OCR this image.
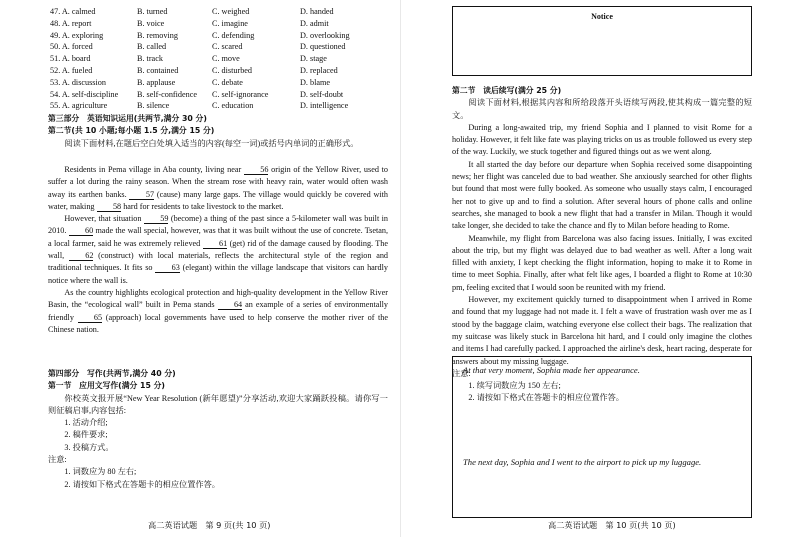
47. A. calmed	B. turned	C. weighed	D. handed
48. A. report	B. voice	C. imagine	D. admit
49. A. exploring	B. removing	C. defending	D. overlooking
50. A. forced	B. called	C. scared	D. questioned
51. A. board	B. track	C. move	D. stage
52. A. fueled	B. contained	C. disturbed	D. replaced
53. A. discussion	B. applause	C. debate	D. blame
54. A. self-discipline	B. self-confidence	C. self-ignorance	D. self-doubt
55. A. agriculture	B. silence	C. education	D. intelligence
第三部分　英语知识运用(共两节,满分 30 分)
第二节(共 10 小题;每小题 1.5 分,满分 15 分)

阅读下面材料,在题后空白处填入适当的内容(每空一词)或括号内单词的正确形式。

Residents in Pema village in Aba county, living near 56 origin of the Yellow River, used to suffer a lot during the rainy season. When the stream rose with heavy rain, water would often wash away its earthen banks. 57 (cause) many large gaps. The village would quickly be covered with water, making 58 hard for residents to take livestock to the market.

However, that situation 59 (become) a thing of the past since a 5-kilometer wall was built in 2010. 60 made the wall special, however, was that it was built without the use of concrete. Tsetan, a local farmer, said he was extremely relieved 61 (get) rid of the damage caused by flooding. The wall,	62 (construct) with local materials, reflects the architectural style of the region and traditional techniques. It fits so 63 (elegant) within the village landscape that visitors can hardly notice where the wall is.

As the country highlights ecological protection and high-quality development in the Yellow River Basin, the “ecological wall” built in Pema stands 64 an example of a series of environmentally friendly 65 (approach) local governments have used to help conserve the mother river of the Chinese nation.

第四部分　写作(共两节,满分 40 分)
第一节　应用文写作(满分 15 分)

你校英文报开展“New Year Resolution (新年愿望)”分享活动,欢迎大家踊跃投稿。请你写一则征稿启事,内容包括:

1. 活动介绍;
2. 稿件要求;
3. 投稿方式。
注意:
1. 词数应为 80 左右;
2. 请按如下格式在答题卡的相应位置作答。
高二英语试题　第 9 页(共 10 页)
Notice
第二节　读后续写(满分 25 分)

阅读下面材料,根据其内容和所给段落开头语续写两段,使其构成一篇完整的短文。

During a long-awaited trip, my friend Sophia and I planned to visit Rome for a holiday. However, it felt like fate was playing tricks on us as trouble followed us every step of the way. Luckily, we stuck together and figured things out as we went along.

It all started the day before our departure when Sophia received some disappointing news; her flight was canceled due to bad weather. She anxiously searched for other flights but found that most were fully booked. As someone who usually stays calm, I encouraged her not to give up and to find a solution. After several hours of phone calls and online searches, she managed to book a new flight that had a transfer in Milan. Though it would take longer, she decided to take the chance and fly to Milan before heading to Rome.

Meanwhile, my flight from Barcelona was also facing issues. Initially, I was excited about the trip, but my flight was delayed due to bad weather as well. After a long wait filled with anxiety, I kept checking the flight information, hoping to make it to Rome in time to meet Sophia. Finally, after what felt like ages, I boarded a flight to Rome at 10:30 pm, feeling excited that I would soon be reunited with my friend.

However, my excitement quickly turned to disappointment when I arrived in Rome and found that my luggage had not made it. I felt a wave of frustration wash over me as I stood by the baggage claim, watching everyone else collect their bags. The realization that my suitcase was likely stuck in Barcelona hit hard, and I could only imagine the clothes and items I had carefully packed. I approached the airline's desk, heart racing, desperate for answers about my missing luggage.

注意:
1. 续写词数应为 150 左右;
2. 请按如下格式在答题卡的相应位置作答。
At that very moment, Sophia made her appearance.
The next day, Sophia and I went to the airport to pick up my luggage.
高二英语试题　第 10 页(共 10 页)
